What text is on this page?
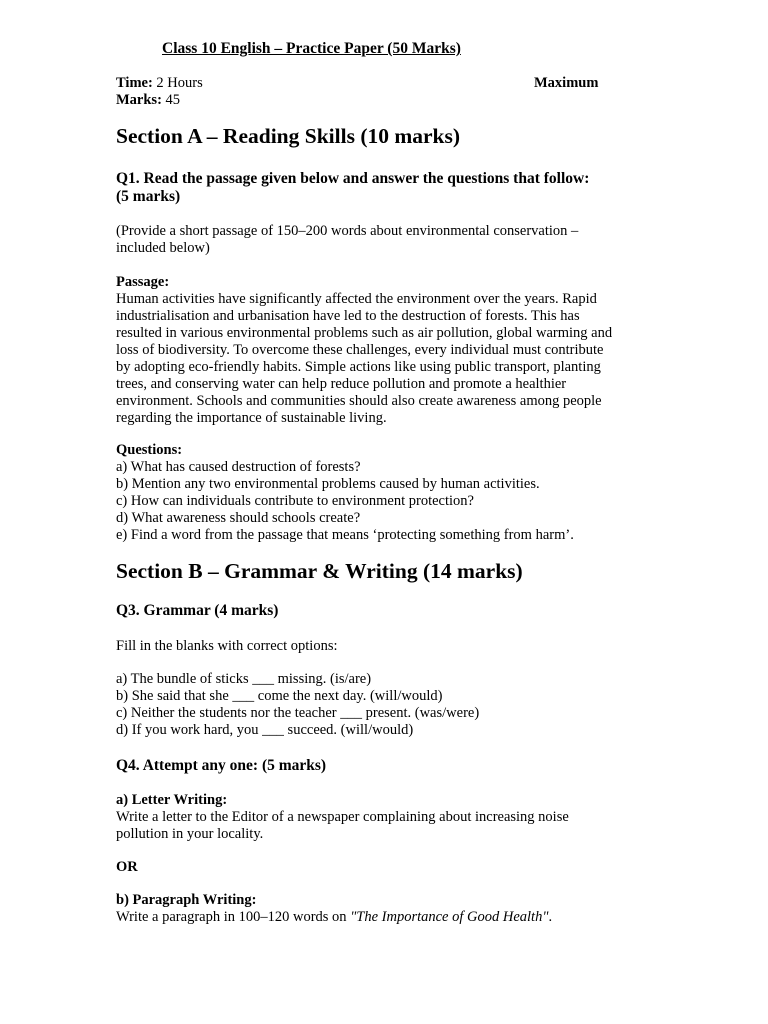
Class 10 English – Practice Paper (50 Marks)
Time: 2 Hours	Maximum
Marks: 45
Section A – Reading Skills (10 marks)
Q1. Read the passage given below and answer the questions that follow:
(5 marks)
(Provide a short passage of 150–200 words about environmental conservation –
included below)
Passage:
Human activities have significantly affected the environment over the years. Rapid
industrialisation and urbanisation have led to the destruction of forests. This has
resulted in various environmental problems such as air pollution, global warming and
loss of biodiversity. To overcome these challenges, every individual must contribute
by adopting eco-friendly habits. Simple actions like using public transport, planting
trees, and conserving water can help reduce pollution and promote a healthier
environment. Schools and communities should also create awareness among people
regarding the importance of sustainable living.
Questions:
a) What has caused destruction of forests?
b) Mention any two environmental problems caused by human activities.
c) How can individuals contribute to environment protection?
d) What awareness should schools create?
e) Find a word from the passage that means ‘protecting something from harm’.
Section B – Grammar & Writing (14 marks)
Q3. Grammar (4 marks)
Fill in the blanks with correct options:
a) The bundle of sticks ___ missing. (is/are)
b) She said that she ___ come the next day. (will/would)
c) Neither the students nor the teacher ___ present. (was/were)
d) If you work hard, you ___ succeed. (will/would)
Q4. Attempt any one: (5 marks)
a) Letter Writing:
Write a letter to the Editor of a newspaper complaining about increasing noise
pollution in your locality.
OR
b) Paragraph Writing:
Write a paragraph in 100–120 words on "The Importance of Good Health".
